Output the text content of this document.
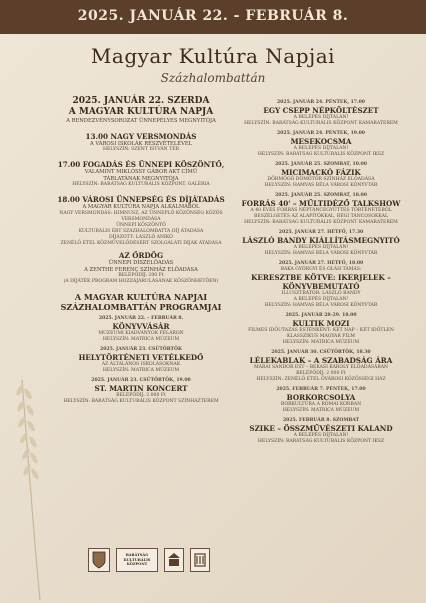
2025. JANUÁR 22. - FEBRUÁR 8.
Magyar Kultúra Napjai
Százhalombattán
2025. JANUÁR 22. SZERDA
A MAGYAR KULTÚRA NAPJA
A RENDEZVÉNYSOROZAT ÜNNEPÉLYES MEGNYITÓJA
13.00 NAGY VERSMONDÁS
A VÁROSI ISKOLÁK RÉSZVÉTELÉVEL
HELYSZÍN: SZENT ISTVÁN TÉR
17.00 FOGADÁS ÉS ÜNNEPI KÖSZÖNTŐ,
VALAMINT MIKLÓSSY GÁBOR AKT CÍMŰ
TÁRLATÁNAK MEGNYITÓJA
HELYSZÍN: BARÁTSÁG KULTURÁLIS KÖZPONT, GALÉRIA
18.00 VÁROSI ÜNNEPSÉG ÉS DÍJÁTADÁS
A MAGYAR KULTÚRA NAPJA ALKALMÁBÓL
NAGY VERSMONDÁS: HIMNUSZ, AZ ÜNNEPLŐ KÖZÖNSÉG KÖZÖS VERSMONDÁSA
ÜNNEPI KÖSZÖNTŐ
KULTURÁLIS ÉRT SZÁZHALOMBATTA DÍJ ÁTADÁSA
DÍJÁZOTT: LÁSZLÓ ANIKÓ
ZENÉLŐ ÉTEL KÖZMŰVELŐDÉSÉRT SZOLGÁLATI DÍJAK ÁTADÁSA
AZ ŐRDÖG
ÜNNEPI DÍSZELŐADÁS
A ZENTHE FERENC SZÍNHÁZ ELŐADÁSA
BELÉPŐDÍJ: 200 Ft
(A DÍJÁTÉK PROGRAM HOZZÁJÁRULÁSÁNAK KÖSZÖNHETŐEN)
A MAGYAR KULTÚRA NAPJAI SZÁZHALOMBATTÁN PROGRAMJAI
2025. JANUÁR 22. – FEBRUÁR 8.
KÖNYVVÁSÁR
MÚZEUMI KIADVÁNYOK FÉLÁRON
HELYSZÍN: MATRICA MÚZEUM
2025. JANUÁR 23. CSÜTÖRTÖK
HELYTÖRTÉNETI VETÉLKEDŐ
AZ ÁLTALÁNOS ISKOLÁSOKNAK
HELYSZÍN: MATRICA MÚZEUM
2025. JANUÁR 23. CSÜTÖRTÖK, 19.00
ST. MARTIN KONCERT
BELÉPŐDÍJ: 2 000 Ft
HELYSZÍN: BARÁTSÁG KULTURÁLIS KÖZPONT SZÍNHÁZTEREM
2025. JANUÁR 24. PÉNTEK, 17.00
EGY CSEPP NÉPKÖLTÉSZET
A BELÉPÉS DÍJTALAN!
HELYSZÍN: BARÁTSÁG KULTURÁLIS KÖZPONT KAMARATEREM
2025. JANUÁR 24. PÉNTEK, 19.00
MESEKOCSMA
A BELÉPÉS DÍJTALAN!
HELYSZÍN: BARÁTSÁG KULTURÁLIS KÖZPONT IKSZ
2025. JANUÁR 25. SZOMBAT, 10.00
MICIMACKÓ FÁZIK
DÖRMÖGŐ DÖMÖTÖR SZÍNHÁZ ELŐADÁSA
HELYSZÍN: HAMVAS BÉLA VÁROSI KÖNYVTÁR
2025. JANUÁR 25. SZOMBAT, 18.00
FORRÁS 40' – MŰLTIDÉZŐ TALKSHOW
A 40 ÉVES FORRÁS NÉPTÁNCEGYÜTTES TÖRTÉNETÉBŐL BESZÉLGETÉS AZ ALAPÍTÓKKAL, RÉGI TÁNCOSOKKAL
HELYSZÍN: BARÁTSÁG KULTURÁLIS KÖZPONT KAMARATEREM
2025. JANUÁR 27. HÉTFŐ, 17.30
LÁSZLÓ BANDY KIÁLLÍTÁSMEGNYITÓ
A BELÉPÉS DÍJTALAN!
HELYSZÍN: HAMVAS BÉLA VÁROSI KÖNYVTÁR
2025. JANUÁR 27. HÉTFŐ, 18.00
BAKA GYÖRGYI ÉS OLÁH TAMÁS:
KERESZTBE KÖTVE: IKERJELEK – KÖNYVBEMUTATÓ
ILLUSZTRÁTOR: LÁSZLÓ BANDY
A BELÉPÉS DÍJTALAN!
HELYSZÍN: HAMVAS BÉLA VÁROSI KÖNYVTÁR
2025. JANUÁR 28-29. 18.00
KULTIK MOZI
FILMES IDŐUTAZÁS ESTÉNKÉNT: KÉT NAP – KÉT IDŐTLEN KLASSZIKUS MAGYAR FILM
HELYSZÍN: MATRICA MÚZEUM
2025. JANUÁR 30. CSÜTÖRTÖK, 18.30
LÉLEKABLAK – A SZABADSÁG ÁRA
MÁRAI SÁNDOR EST – BEKASI KÁROLY ELŐADÁSÁBAN
BELÉPŐDÍJ: 2 000 Ft
HELYSZÍN: ZENÉLŐ ÉTEL ÖVÁROSI KÖZÖSSÉGI HÁZ
2025. FEBRUÁR 7. PÉNTEK, 17.00
BORKORCSOLYA
BORKULTÚRA A RÓMAI KORBAN
HELYSZÍN: MATRICA MÚZEUM
2025. FEBRUÁR 8. SZOMBAT
SZIKE – ÖSSZMŰVÉSZETI KALAND
A BELÉPÉS DÍJTALAN!
HELYSZÍN: BARÁTSÁG KULTURÁLIS KÖZPONT IKSZ
BARÁTSÁG KULTURÁLIS KÖZPONT
